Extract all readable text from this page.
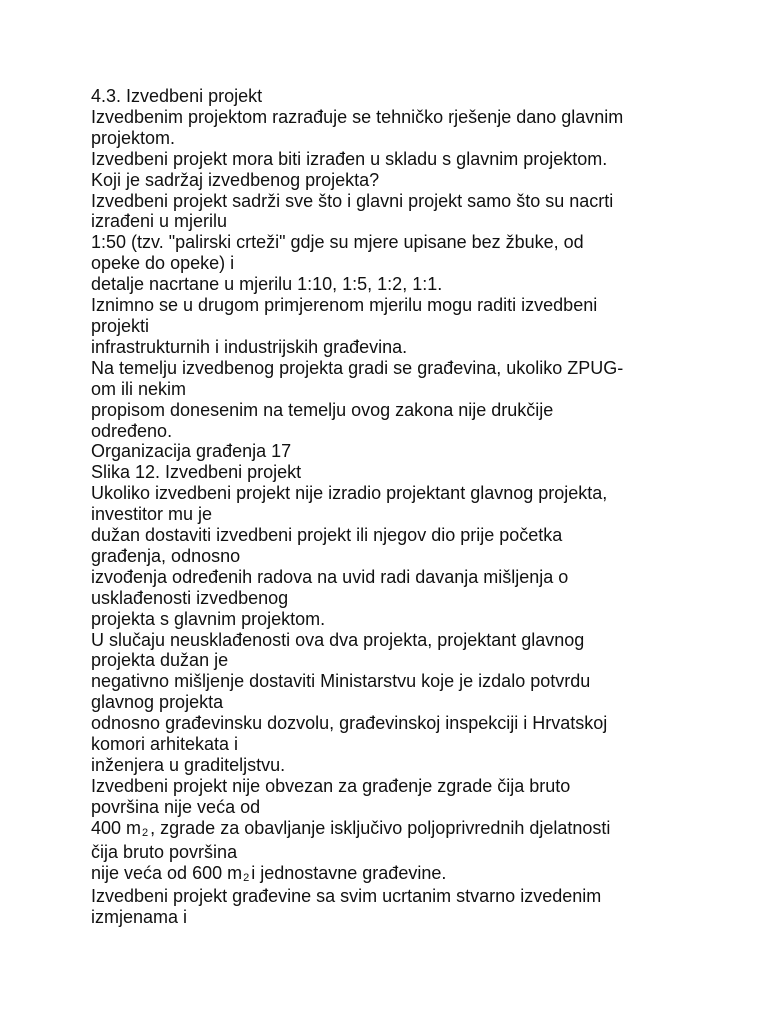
4.3. Izvedbeni projekt

Izvedbenim projektom razrađuje se tehničko rješenje dano glavnim

projektom.

Izvedbeni projekt mora biti izrađen u skladu s glavnim projektom.

Koji je sadržaj izvedbenog projekta?

Izvedbeni projekt sadrži sve što i glavni projekt samo što su nacrti

izrađeni u mjerilu

1:50 (tzv. "palirski crteži" gdje su mjere upisane bez žbuke, od

opeke do opeke) i

detalje nacrtane u mjerilu 1:10, 1:5, 1:2, 1:1.

Iznimno se u drugom primjerenom mjerilu mogu raditi izvedbeni

projekti

infrastrukturnih i industrijskih građevina.

Na temelju izvedbenog projekta gradi se građevina, ukoliko ZPUG-

om ili nekim

propisom donesenim na temelju ovog zakona nije drukčije

određeno.

Organizacija građenja 17

Slika 12. Izvedbeni projekt

Ukoliko izvedbeni projekt nije izradio projektant glavnog projekta,

investitor mu je

dužan dostaviti izvedbeni projekt ili njegov dio prije početka

građenja, odnosno

izvođenja određenih radova na uvid radi davanja mišljenja o

usklađenosti izvedbenog

projekta s glavnim projektom.

U slučaju neusklađenosti ova dva projekta, projektant glavnog

projekta dužan je

negativno mišljenje dostaviti Ministarstvu koje je izdalo potvrdu

glavnog projekta

odnosno građevinsku dozvolu, građevinskoj inspekciji i Hrvatskoj

komori arhitekata i

inženjera u graditeljstvu.

Izvedbeni projekt nije obvezan za građenje zgrade čija bruto

površina nije veća od

400 m2 , zgrade za obavljanje isključivo poljoprivrednih djelatnosti

čija bruto površina

nije veća od 600 m2 i jednostavne građevine.

Izvedbeni projekt građevine sa svim ucrtanim stvarno izvedenim

izmjenama i
